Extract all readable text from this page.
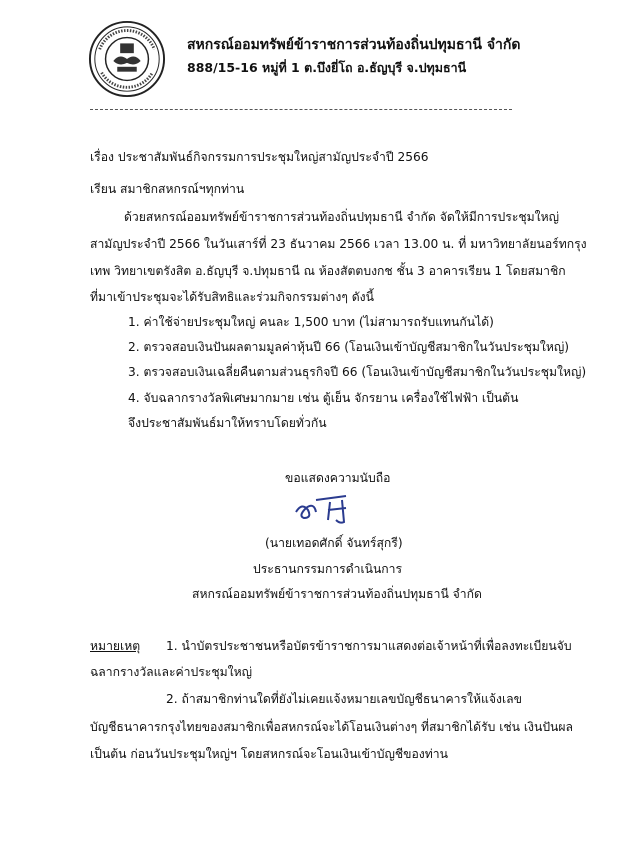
สหกรณ์ออมทรัพย์ข้าราชการส่วนท้องถิ่นปทุมธานี จำกัด
888/15-16 หมู่ที่ 1 ต.บึงยี่โถ อ.ธัญบุรี จ.ปทุมธานี
เรื่อง ประชาสัมพันธ์กิจกรรมการประชุมใหญ่สามัญประจำปี 2566
เรียน สมาชิกสหกรณ์ฯทุกท่าน
ด้วยสหกรณ์ออมทรัพย์ข้าราชการส่วนท้องถิ่นปทุมธานี จำกัด จัดให้มีการประชุมใหญ่
สามัญประจำปี 2566 ในวันเสาร์ที่ 23 ธันวาคม 2566 เวลา 13.00 น. ที่ มหาวิทยาลัยนอร์ทกรุง
เทพ วิทยาเขตรังสิต อ.ธัญบุรี จ.ปทุมธานี ณ ห้องสัตตบงกช ชั้น 3 อาคารเรียน 1 โดยสมาชิก
ที่มาเข้าประชุมจะได้รับสิทธิและร่วมกิจกรรมต่างๆ ดังนี้
1. ค่าใช้จ่ายประชุมใหญ่ คนละ 1,500 บาท (ไม่สามารถรับแทนกันได้)
2. ตรวจสอบเงินปันผลตามมูลค่าหุ้นปี 66 (โอนเงินเข้าบัญชีสมาชิกในวันประชุมใหญ่)
3. ตรวจสอบเงินเฉลี่ยคืนตามส่วนธุรกิจปี 66 (โอนเงินเข้าบัญชีสมาชิกในวันประชุมใหญ่)
4. จับฉลากรางวัลพิเศษมากมาย เช่น ตู้เย็น จักรยาน เครื่องใช้ไฟฟ้า เป็นต้น
จึงประชาสัมพันธ์มาให้ทราบโดยทั่วกัน
ขอแสดงความนับถือ
(นายเทอดศักดิ์ จันทร์สุกรี)
ประธานกรรมการดำเนินการ
สหกรณ์ออมทรัพย์ข้าราชการส่วนท้องถิ่นปทุมธานี จำกัด
หมายเหตุ 1. นำบัตรประชาชนหรือบัตรข้าราชการมาแสดงต่อเจ้าหน้าที่เพื่อลงทะเบียนจับ
ฉลากรางวัลและค่าประชุมใหญ่
2. ถ้าสมาชิกท่านใดที่ยังไม่เคยแจ้งหมายเลขบัญชีธนาคารให้แจ้งเลข
บัญชีธนาคารกรุงไทยของสมาชิกเพื่อสหกรณ์จะได้โอนเงินต่างๆ ที่สมาชิกได้รับ เช่น เงินปันผล
เป็นต้น ก่อนวันประชุมใหญ่ฯ โดยสหกรณ์จะโอนเงินเข้าบัญชีของท่าน
